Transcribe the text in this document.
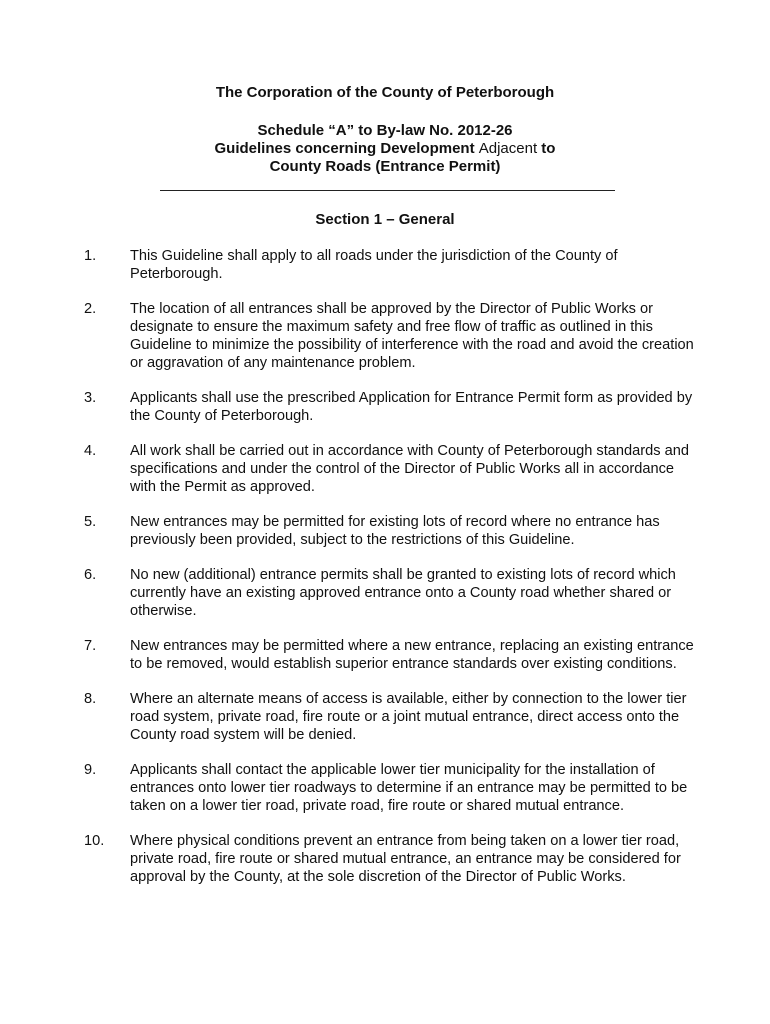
The Corporation of the County of Peterborough
Schedule “A” to By-law No. 2012-26
Guidelines concerning Development Adjacent to
County Roads (Entrance Permit)
Section 1 – General
1. This Guideline shall apply to all roads under the jurisdiction of the County of Peterborough.
2. The location of all entrances shall be approved by the Director of Public Works or designate to ensure the maximum safety and free flow of traffic as outlined in this Guideline to minimize the possibility of interference with the road and avoid the creation or aggravation of any maintenance problem.
3. Applicants shall use the prescribed Application for Entrance Permit form as provided by the County of Peterborough.
4. All work shall be carried out in accordance with County of Peterborough standards and specifications and under the control of the Director of Public Works all in accordance with the Permit as approved.
5. New entrances may be permitted for existing lots of record where no entrance has previously been provided, subject to the restrictions of this Guideline.
6. No new (additional) entrance permits shall be granted to existing lots of record which currently have an existing approved entrance onto a County road whether shared or otherwise.
7. New entrances may be permitted where a new entrance, replacing an existing entrance to be removed, would establish superior entrance standards over existing conditions.
8. Where an alternate means of access is available, either by connection to the lower tier road system, private road, fire route or a joint mutual entrance, direct access onto the County road system will be denied.
9. Applicants shall contact the applicable lower tier municipality for the installation of entrances onto lower tier roadways to determine if an entrance may be permitted to be taken on a lower tier road, private road, fire route or shared mutual entrance.
10. Where physical conditions prevent an entrance from being taken on a lower tier road, private road, fire route or shared mutual entrance, an entrance may be considered for approval by the County, at the sole discretion of the Director of Public Works.
